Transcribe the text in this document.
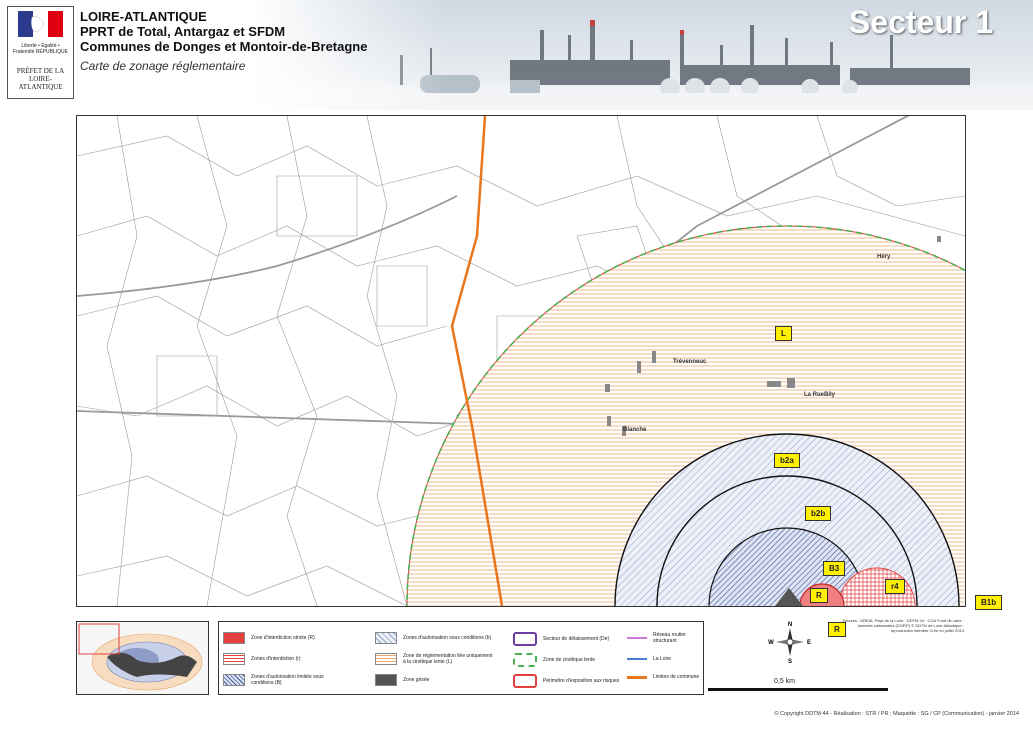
Liberté • Égalité • Fraternité RÉPUBLIQUE
PRÉFET DE LA LOIRE-ATLANTIQUE
LOIRE-ATLANTIQUE
PPRT de Total, Antargaz et SFDM
Communes de Donges et Montoir-de-Bretagne
Carte de zonage réglementaire
Secteur 1
L
b2a
b2b
B3
r4
R
Héry
Trévenneuc
La RueBily
Blanche
R
B1b
Zone d'interdiction stricte (R)
Zones d'interdiction (r)
Zones d'autorisation limitée sous conditions (B)
Zones d'autorisation sous conditions (b)
Zone de réglementation liée uniquement à la cinétique lente (L)
Zone grisée
Secteur de délaissement (De)
Zone de cinétique lente
Périmètre d'exposition aux risques
Réseau routier structurant
La Loire
Limites de commune
N
S
E
W
0,5 km
Sources : DREAL Pays de la Loire · DDTM 44 · CGA Fond de carte : données cadastrales (DGFiP) © DDTM de Loire-Atlantique - reproduction interdite Créé en juillet 2013
© Copyright DDTM 44 - Réalisation : STR / PR ; Maquette : SG / CP (Communication) - janvier 2014
